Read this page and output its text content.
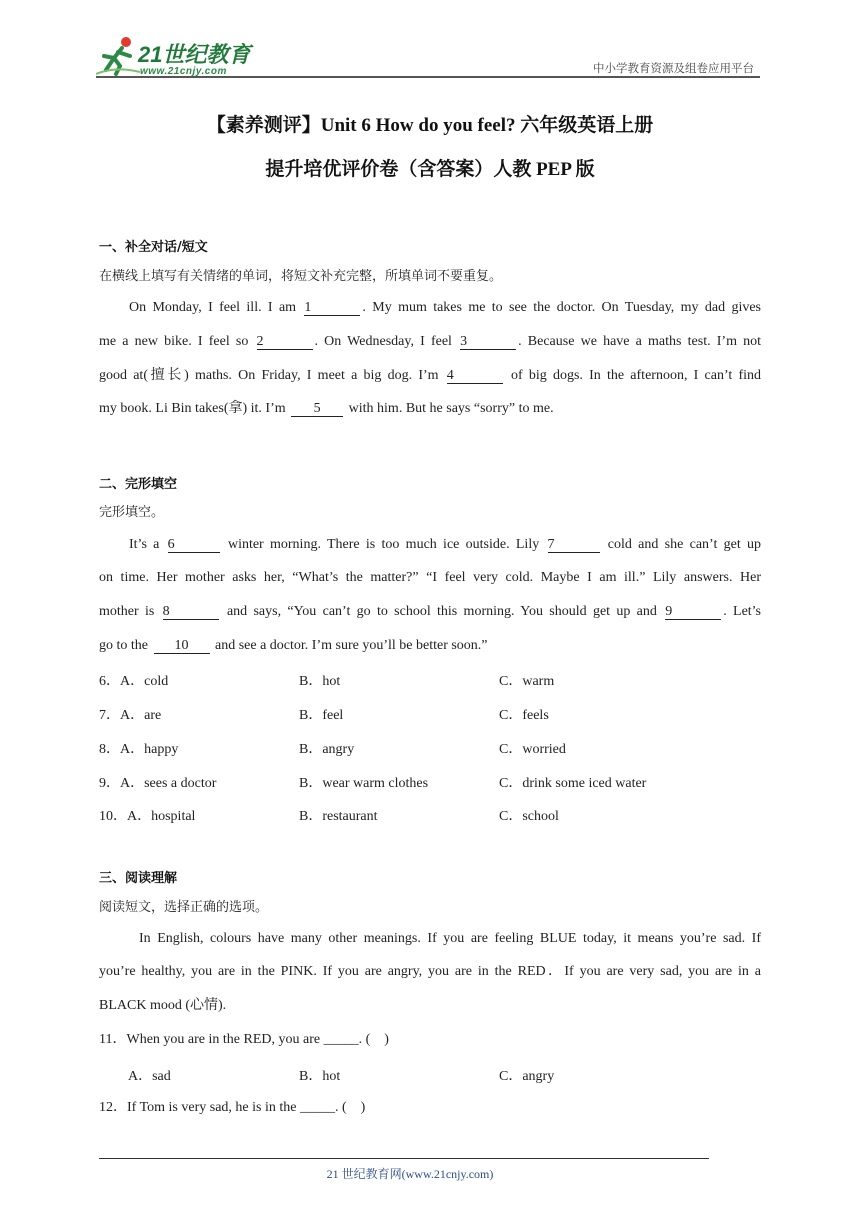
21世纪教育
www.21cnjy.com	中小学教育资源及组卷应用平台
【素养测评】Unit 6 How do you feel? 六年级英语上册
提升培优评价卷（含答案）人教 PEP 版
一、补全对话/短文
在横线上填写有关情绪的单词，将短文补充完整，所填单词不要重复。
On Monday, I feel ill. I am 1	. My mum takes me to see the doctor. On Tuesday, my dad gives
me a new bike. I feel so 2	. On Wednesday, I feel 3	. Because we have a maths test. I’m not
good at(擅长) maths. On Friday, I meet a big dog. I’m 4	of big dogs. In the afternoon, I can’t find
my book. Li Bin takes(拿) it. I’m 5 with him. But he says “sorry” to me.
二、完形填空
完形填空。
It’s a 6	winter morning. There is too much ice outside. Lily 7	cold and she can’t get up
on time. Her mother asks her, “What’s the matter?” “I feel very cold. Maybe I am ill.” Lily answers. Her
mother is 8	and says, “You can’t go to school this morning. You should get up and 9	. Let’s
go to the 10 and see a doctor. I’m sure you’ll be better soon.”
6．A．cold	B．hot	C．warm
7．A．are	B．feel	C．feels
8．A．happy	B．angry	C．worried
9．A．sees a doctor	B．wear warm clothes	C．drink some iced water
10．A．hospital	B．restaurant	C．school
三、阅读理解
阅读短文，选择正确的选项。
In English, colours have many other meanings. If you are feeling BLUE today, it means you’re sad. If
you’re healthy, you are in the PINK. If you are angry, you are in the RED．If you are very sad, you are in a
BLACK mood (心情).
11．When you are in the RED, you are _____. (　)
A．sad	B．hot	C．angry
12．If Tom is very sad, he is in the _____. (　)
21 世纪教育网(www.21cnjy.com)
